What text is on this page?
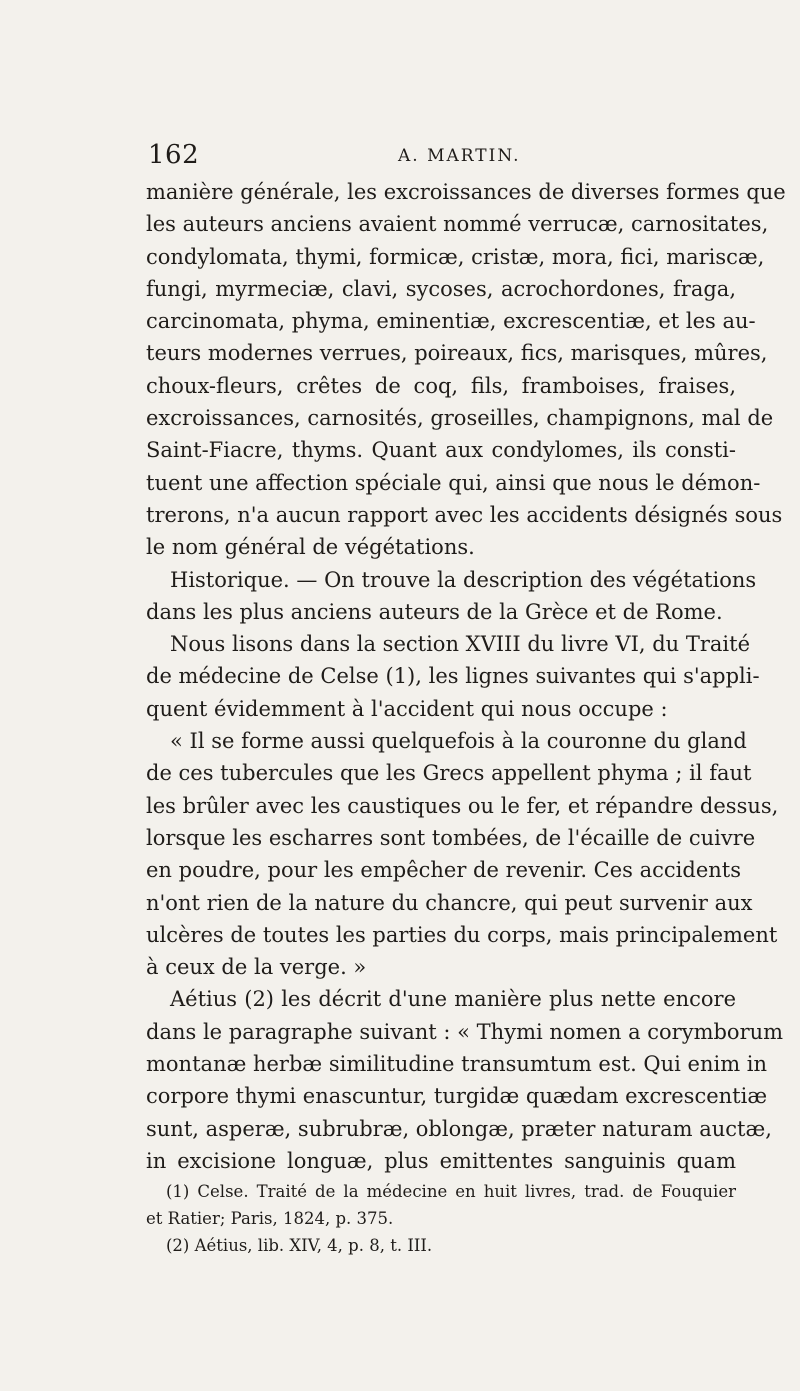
162	A. MARTIN.
manière générale, les excroissances de diverses formes que
les auteurs anciens avaient nommé verrucæ, carnositates,
condylomata, thymi, formicæ, cristæ, mora, fici, mariscæ,
fungi, myrmeciæ, clavi, sycoses, acrochordones, fraga,
carcinomata, phyma, eminentiæ, excrescentiæ, et les au-
teurs modernes verrues, poireaux, fics, marisques, mûres,
choux-fleurs, crêtes de coq, fils, framboises, fraises,
excroissances, carnosités, groseilles, champignons, mal de
Saint-Fiacre, thyms. Quant aux condylomes, ils consti-
tuent une affection spéciale qui, ainsi que nous le démon-
trerons, n'a aucun rapport avec les accidents désignés sous
le nom général de végétations.
Historique. — On trouve la description des végétations
dans les plus anciens auteurs de la Grèce et de Rome.
Nous lisons dans la section XVIII du livre VI, du Traité
de médecine de Celse (1), les lignes suivantes qui s'appli-
quent évidemment à l'accident qui nous occupe :
« Il se forme aussi quelquefois à la couronne du gland
de ces tubercules que les Grecs appellent phyma ; il faut
les brûler avec les caustiques ou le fer, et répandre dessus,
lorsque les escharres sont tombées, de l'écaille de cuivre
en poudre, pour les empêcher de revenir. Ces accidents
n'ont rien de la nature du chancre, qui peut survenir aux
ulcères de toutes les parties du corps, mais principalement
à ceux de la verge. »
Aétius (2) les décrit d'une manière plus nette encore
dans le paragraphe suivant : « Thymi nomen a corymborum
montanæ herbæ similitudine transumtum est. Qui enim in
corpore thymi enascuntur, turgidæ quædam excrescentiæ
sunt, asperæ, subrubræ, oblongæ, præter naturam auctæ,
in excisione longuæ, plus emittentes sanguinis quam
(1) Celse. Traité de la médecine en huit livres, trad. de Fouquier
et Ratier; Paris, 1824, p. 375.
(2) Aétius, lib. XIV, 4, p. 8, t. III.
